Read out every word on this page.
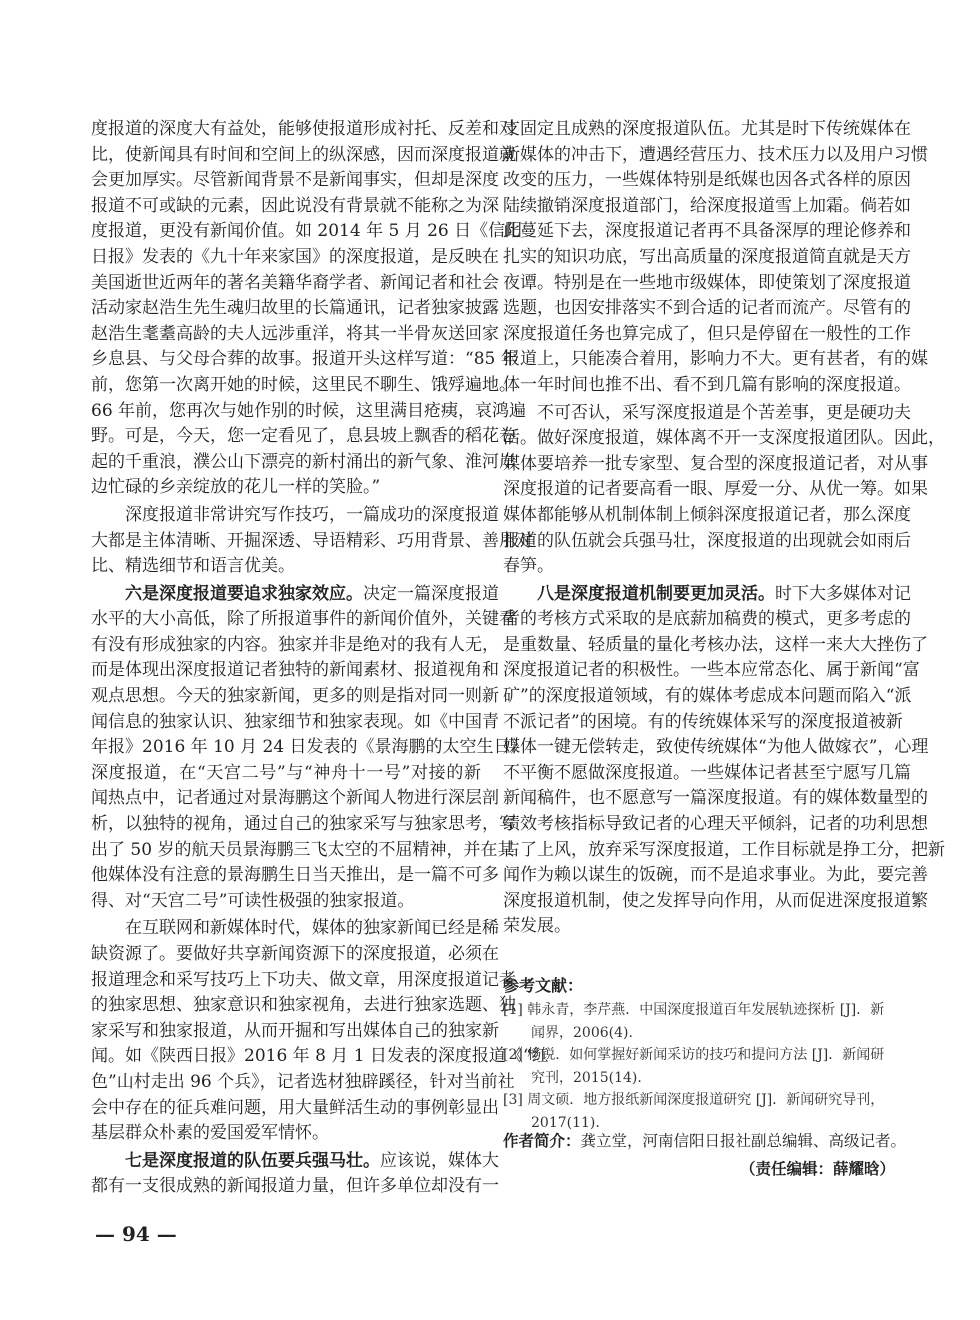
度报道的深度大有益处，能够使报道形成衬托、反差和对
比，使新闻具有时间和空间上的纵深感，因而深度报道就
会更加厚实。尽管新闻背景不是新闻事实，但却是深度
报道不可或缺的元素，因此说没有背景就不能称之为深
度报道，更没有新闻价值。如 2014 年 5 月 26 日《信阳
日报》发表的《九十年来家国》的深度报道，是反映在
美国逝世近两年的著名美籍华裔学者、新闻记者和社会
活动家赵浩生先生魂归故里的长篇通讯，记者独家披露
赵浩生耄耋高龄的夫人远涉重洋，将其一半骨灰送回家
乡息县、与父母合葬的故事。报道开头这样写道：“85 年
前，您第一次离开她的时候，这里民不聊生、饿殍遍地。
66 年前，您再次与她作别的时候，这里满目疮痍，哀鸿遍
野。可是，今天，您一定看见了，息县坡上飘香的稻花卷
起的千重浪，濮公山下漂亮的新村涌出的新气象、淮河岸
边忙碌的乡亲绽放的花儿一样的笑脸。”
深度报道非常讲究写作技巧，一篇成功的深度报道
大都是主体清晰、开掘深透、导语精彩、巧用背景、善用对
比、精选细节和语言优美。
六是深度报道要追求独家效应。决定一篇深度报道
水平的大小高低，除了所报道事件的新闻价值外，关键看
有没有形成独家的内容。独家并非是绝对的我有人无，
而是体现出深度报道记者独特的新闻素材、报道视角和
观点思想。今天的独家新闻，更多的则是指对同一则新
闻信息的独家认识、独家细节和独家表现。如《中国青
年报》2016 年 10 月 24 日发表的《景海鹏的太空生日》
深度报道，在“天宫二号”与“神舟十一号”对接的新
闻热点中，记者通过对景海鹏这个新闻人物进行深层剖
析，以独特的视角，通过自己的独家采写与独家思考，写
出了 50 岁的航天员景海鹏三飞太空的不屈精神，并在其
他媒体没有注意的景海鹏生日当天推出，是一篇不可多
得、对“天宫二号”可读性极强的独家报道。
在互联网和新媒体时代，媒体的独家新闻已经是稀
缺资源了。要做好共享新闻资源下的深度报道，必须在
报道理念和采写技巧上下功夫、做文章，用深度报道记者
的独家思想、独家意识和独家视角，去进行独家选题、独
家采写和独家报道，从而开掘和写出媒体自己的独家新
闻。如《陕西日报》2016 年 8 月 1 日发表的深度报道《“红
色”山村走出 96 个兵》，记者选材独辟蹊径，针对当前社
会中存在的征兵难问题，用大量鲜活生动的事例彰显出
基层群众朴素的爱国爱军情怀。
七是深度报道的队伍要兵强马壮。应该说，媒体大
都有一支很成熟的新闻报道力量，但许多单位却没有一
支固定且成熟的深度报道队伍。尤其是时下传统媒体在
新媒体的冲击下，遭遇经营压力、技术压力以及用户习惯
改变的压力，一些媒体特别是纸媒也因各式各样的原因
陆续撤销深度报道部门，给深度报道雪上加霜。倘若如
此蔓延下去，深度报道记者再不具备深厚的理论修养和
扎实的知识功底，写出高质量的深度报道简直就是天方
夜谭。特别是在一些地市级媒体，即使策划了深度报道
选题，也因安排落实不到合适的记者而流产。尽管有的
深度报道任务也算完成了，但只是停留在一般性的工作
报道上，只能凑合着用，影响力不大。更有甚者，有的媒
体一年时间也推不出、看不到几篇有影响的深度报道。
不可否认，采写深度报道是个苦差事，更是硬功夫
活。做好深度报道，媒体离不开一支深度报道团队。因此，
媒体要培养一批专家型、复合型的深度报道记者，对从事
深度报道的记者要高看一眼、厚爱一分、从优一筹。如果
媒体都能够从机制体制上倾斜深度报道记者，那么深度
报道的队伍就会兵强马壮，深度报道的出现就会如雨后
春笋。
八是深度报道机制要更加灵活。时下大多媒体对记
者的考核方式采取的是底薪加稿费的模式，更多考虑的
是重数量、轻质量的量化考核办法，这样一来大大挫伤了
深度报道记者的积极性。一些本应常态化、属于新闻“富
矿”的深度报道领域，有的媒体考虑成本问题而陷入“派
不派记者”的困境。有的传统媒体采写的深度报道被新
媒体一键无偿转走，致使传统媒体“为他人做嫁衣”，心理
不平衡不愿做深度报道。一些媒体记者甚至宁愿写几篇
新闻稿件，也不愿意写一篇深度报道。有的媒体数量型的
绩效考核指标导致记者的心理天平倾斜，记者的功利思想
占了上风，放弃采写深度报道，工作目标就是挣工分，把新
闻作为赖以谋生的饭碗，而不是追求事业。为此，要完善
深度报道机制，使之发挥导向作用，从而促进深度报道繁
荣发展。
参考文献：
[1] 韩永青，李芹燕．中国深度报道百年发展轨迹探析 [J]．新闻界，2006(4).
[2] 杨锐．如何掌握好新闻采访的技巧和提问方法 [J]．新闻研究刊，2015(14).
[3] 周文硕．地方报纸新闻深度报道研究 [J]．新闻研究导刊，2017(11).
作者简介：龚立堂，河南信阳日报社副总编辑、高级记者。
（责任编辑：薛耀晗）
— 94 —
